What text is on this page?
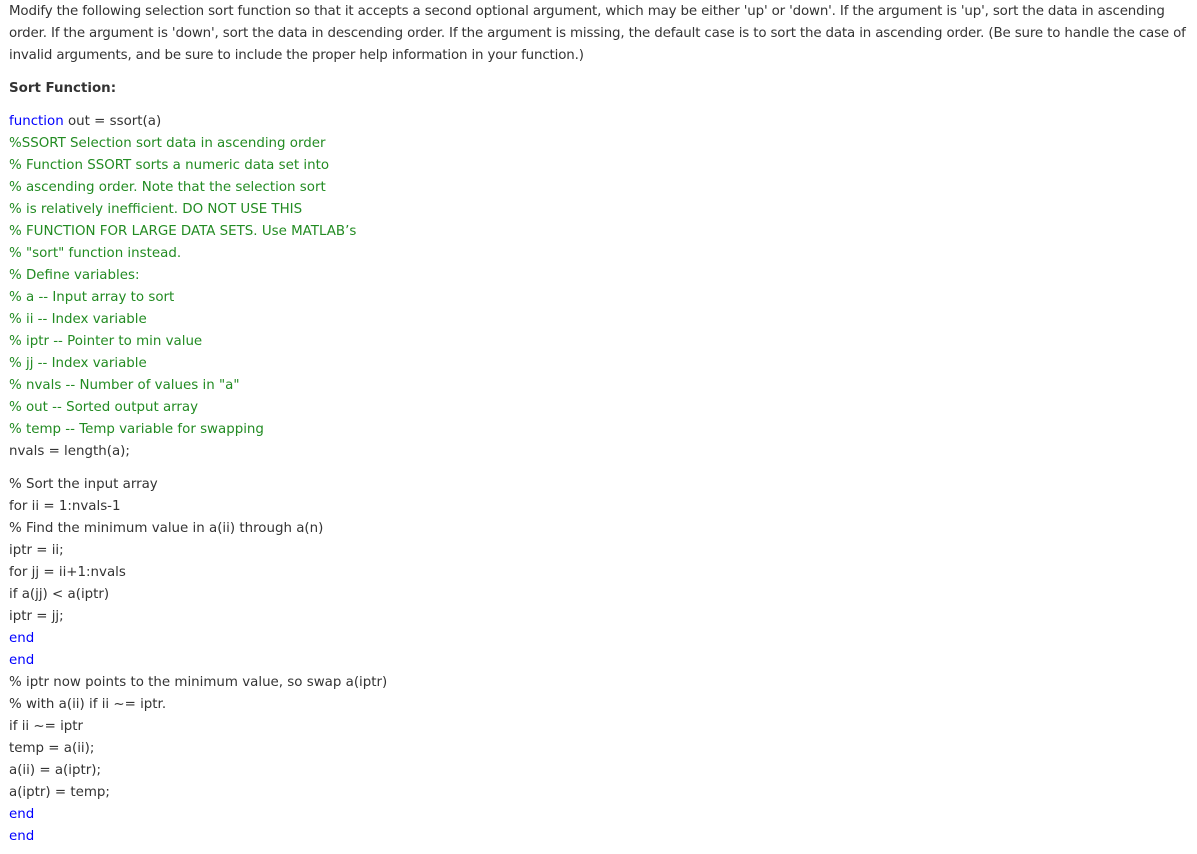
Modify the following selection sort function so that it accepts a second optional argument, which may be either 'up' or 'down'. If the argument is 'up', sort the data in ascending order. If the argument is 'down', sort the data in descending order. If the argument is missing, the default case is to sort the data in ascending order. (Be sure to handle the case of invalid arguments, and be sure to include the proper help information in your function.)

Sort Function:
function out = ssort(a)
%SSORT Selection sort data in ascending order
% Function SSORT sorts a numeric data set into
% ascending order. Note that the selection sort
% is relatively inefficient. DO NOT USE THIS
% FUNCTION FOR LARGE DATA SETS. Use MATLAB’s
% "sort" function instead.
% Define variables:
% a -- Input array to sort
% ii -- Index variable
% iptr -- Pointer to min value
% jj -- Index variable
% nvals -- Number of values in "a"
% out -- Sorted output array
% temp -- Temp variable for swapping
nvals = length(a);
% Sort the input array
for ii = 1:nvals-1
% Find the minimum value in a(ii) through a(n)
iptr = ii;
for jj = ii+1:nvals
if a(jj) < a(iptr)
iptr = jj;
end
end
% iptr now points to the minimum value, so swap a(iptr)
% with a(ii) if ii ~= iptr.
if ii ~= iptr
temp = a(ii);
a(ii) = a(iptr);
a(iptr) = temp;
end
end
